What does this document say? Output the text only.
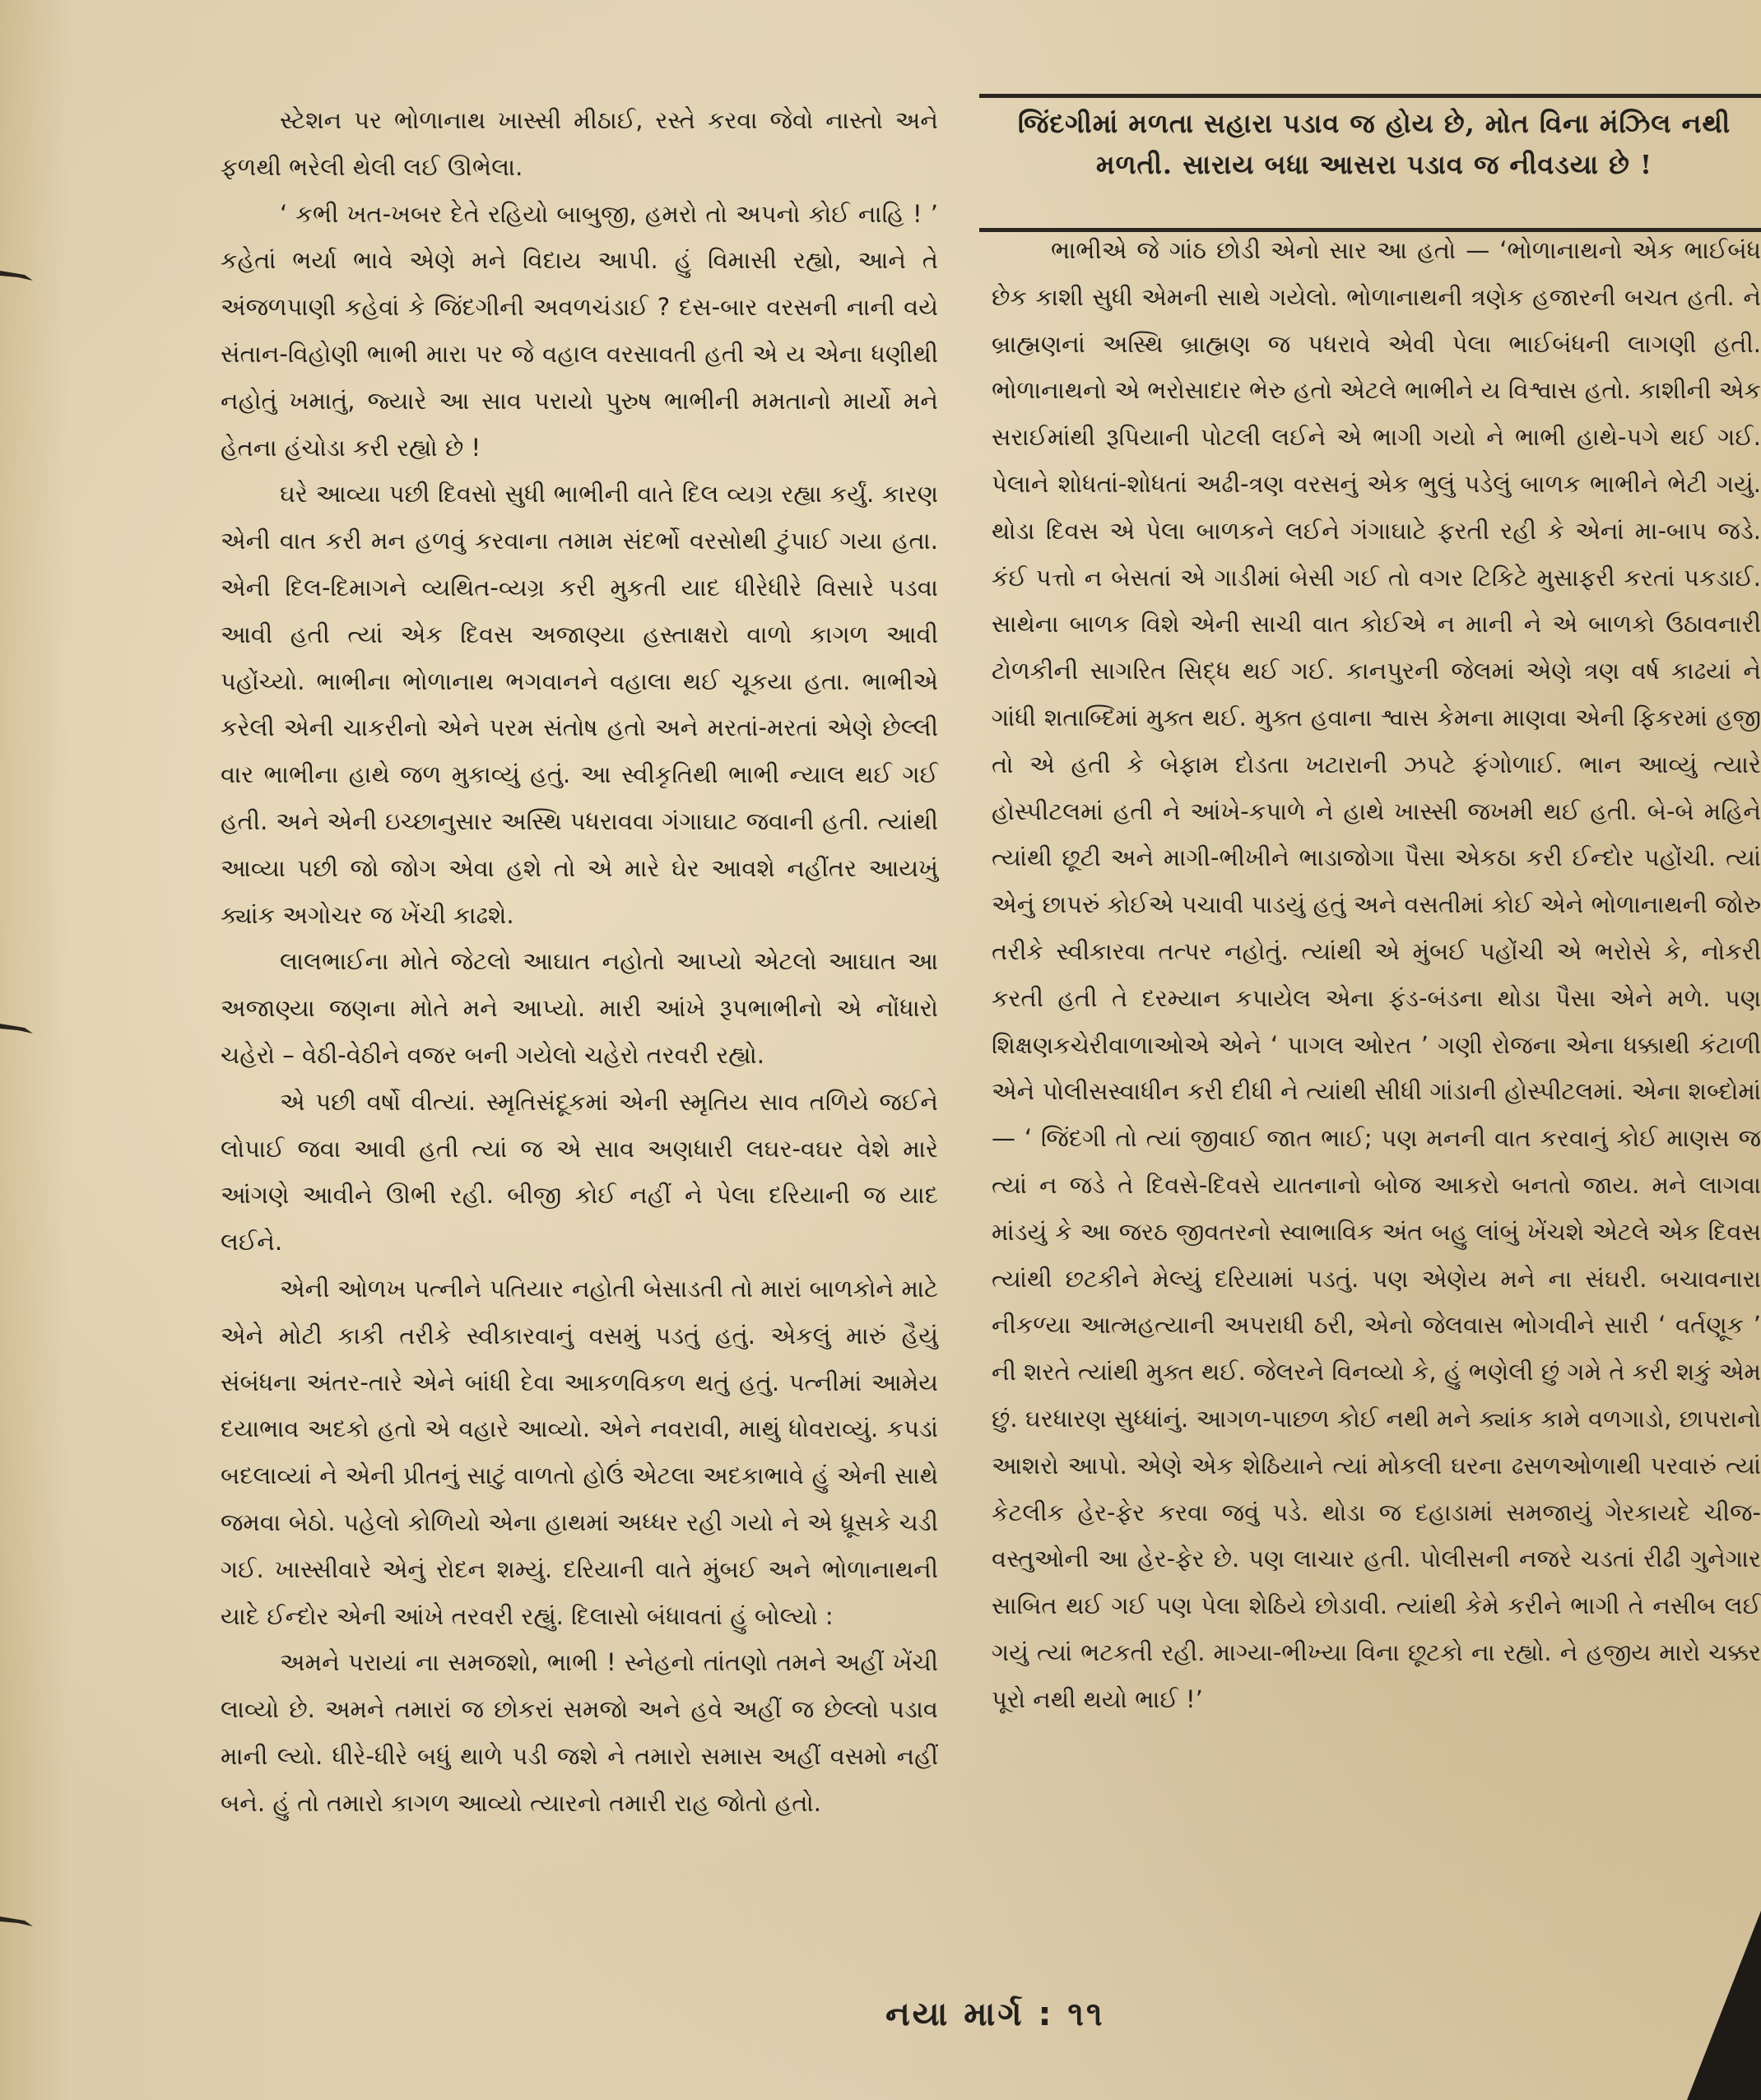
સ્ટેશન પર ભોળાનાથ ખાસ્સી મીઠાઈ, રસ્તે કરવા જેવો નાસ્તો અને ફળથી ભરેલી થેલી લઈ ઊભેલા.

‘ કભી ખત-ખબર દેતે રહિયો બાબુજી, હમરો તો અપનો કોઈ નાહિ ! ’ કહેતાં ભર્યા ભાવે એણે મને વિદાય આપી. હું વિમાસી રહ્યો, આને તે અંજળપાણી કહેવાં કે જિંદગીની અવળચંડાઈ ? દસ-બાર વરસની નાની વયે સંતાન-વિહોણી ભાભી મારા પર જે વહાલ વરસાવતી હતી એ ય એના ધણીથી નહોતું ખમાતું, જ્યારે આ સાવ પરાયો પુરુષ ભાભીની મમતાનો માર્યો મને હેતના હંચોડા કરી રહ્યો છે !

ઘરે આવ્યા પછી દિવસો સુધી ભાભીની વાતે દિલ વ્યગ્ર રહ્યા કર્યું. કારણ એની વાત કરી મન હળવું કરવાના તમામ સંદર્ભો વરસોથી ટુંપાઈ ગયા હતા. એની દિલ-દિમાગને વ્યથિત-વ્યગ્ર કરી મુકતી યાદ ધીરેધીરે વિસારે પડવા આવી હતી ત્યાં એક દિવસ અજાણ્યા હસ્તાક્ષરો વાળો કાગળ આવી પહોંચ્યો. ભાભીના ભોળાનાથ ભગવાનને વહાલા થઈ ચૂકયા હતા. ભાભીએ કરેલી એની ચાકરીનો એને પરમ સંતોષ હતો અને મરતાં-મરતાં એણે છેલ્લી વાર ભાભીના હાથે જળ મુકાવ્યું હતું. આ સ્વીકૃતિથી ભાભી ન્યાલ થઈ ગઈ હતી. અને એની ઇચ્છાનુસાર અસ્થિ પધરાવવા ગંગાઘાટ જવાની હતી. ત્યાંથી આવ્યા પછી જો જોગ એવા હશે તો એ મારે ઘેર આવશે નહીંતર આયખું ક્યાંક અગોચર જ ખેંચી કાઢશે.

લાલભાઈના મોતે જેટલો આઘાત નહોતો આપ્યો એટલો આઘાત આ અજાણ્યા જણના મોતે મને આપ્યો. મારી આંખે રૂપભાભીનો એ નોંધારો ચહેરો – વેઠી-વેઠીને વજર બની ગયેલો ચહેરો તરવરી રહ્યો.

એ પછી વર્ષો વીત્યાં. સ્મૃતિસંદૂકમાં એની સ્મૃતિય સાવ તળિયે જઈને લોપાઈ જવા આવી હતી ત્યાં જ એ સાવ અણધારી લઘર-વઘર વેશે મારે આંગણે આવીને ઊભી રહી. બીજી કોઈ નહીં ને પેલા દરિયાની જ યાદ લઈને.

એની ઓળખ પત્નીને પતિયાર નહોતી બેસાડતી તો મારાં બાળકોને માટે એને મોટી કાકી તરીકે સ્વીકારવાનું વસમું પડતું હતું. એકલું મારું હૈયું સંબંધના અંતર-તારે એને બાંધી દેવા આકળવિકળ થતું હતું. પત્નીમાં આમેય દયાભાવ અદકો હતો એ વહારે આવ્યો. એને નવરાવી, માથું ધોવરાવ્યું. કપડાં બદલાવ્યાં ને એની પ્રીતનું સાટું વાળતો હોઉં એટલા અદકાભાવે હું એની સાથે જમવા બેઠો. પહેલો કોળિયો એના હાથમાં અધ્ધર રહી ગયો ને એ ધ્રૂસકે ચડી ગઈ. ખાસ્સીવારે એનું રોદન શમ્યું. દરિયાની વાતે મુંબઈ અને ભોળાનાથની યાદે ઈન્દોર એની આંખે તરવરી રહ્યું. દિલાસો બંધાવતાં હું બોલ્યો :

અમને પરાયાં ના સમજશો, ભાભી ! સ્નેહનો તાંતણો તમને અહીં ખેંચી લાવ્યો છે. અમને તમારાં જ છોકરાં સમજો અને હવે અહીં જ છેલ્લો પડાવ માની લ્યો. ધીરે-ધીરે બધું થાળે પડી જશે ને તમારો સમાસ અહીં વસમો નહીં બને. હું તો તમારો કાગળ આવ્યો ત્યારનો તમારી રાહ જોતો હતો.

જિંદગીમાં મળતા સહારા પડાવ જ હોય છે, મોત વિના મંઝિલ નથી મળતી. સારાય બધા આસરા પડાવ જ નીવડયા છે !

ભાભીએ જે ગાંઠ છોડી એનો સાર આ હતો — ‘ભોળાનાથનો એક ભાઈબંધ છેક કાશી સુધી એમની સાથે ગયેલો. ભોળાનાથની ત્રણેક હજારની બચત હતી. ને બ્રાહ્મણનાં અસ્થિ બ્રાહ્મણ જ પધરાવે એવી પેલા ભાઈબંધની લાગણી હતી. ભોળાનાથનો એ ભરોસાદાર ભેરુ હતો એટલે ભાભીને ય વિશ્વાસ હતો. કાશીની એક સરાઈમાંથી રૂપિયાની પોટલી લઈને એ ભાગી ગયો ને ભાભી હાથે-પગે થઈ ગઈ. પેલાને શોધતાં-શોધતાં અઢી-ત્રણ વરસનું એક ભુલું પડેલું બાળક ભાભીને ભેટી ગયું. થોડા દિવસ એ પેલા બાળકને લઈને ગંગાઘાટે ફરતી રહી કે એનાં મા-બાપ જડે. કંઈ પત્તો ન બેસતાં એ ગાડીમાં બેસી ગઈ તો વગર ટિકિટે મુસાફરી કરતાં પકડાઈ. સાથેના બાળક વિશે એની સાચી વાત કોઈએ ન માની ને એ બાળકો ઉઠાવનારી ટોળકીની સાગરિત સિદ્ધ થઈ ગઈ. કાનપુરની જેલમાં એણે ત્રણ વર્ષ કાઢયાં ને ગાંધી શતાબ્દિમાં મુક્ત થઈ. મુક્ત હવાના શ્વાસ કેમના માણવા એની ફિકરમાં હજી તો એ હતી કે બેફામ દોડતા ખટારાની ઝપટે ફંગોળાઈ. ભાન આવ્યું ત્યારે હોસ્પીટલમાં હતી ને આંખે-કપાળે ને હાથે ખાસ્સી જખમી થઈ હતી. બે-બે મહિને ત્યાંથી છૂટી અને માગી-ભીખીને ભાડાજોગા પૈસા એકઠા કરી ઈન્દોર પહોંચી. ત્યાં એનું છાપરું કોઈએ પચાવી પાડયું હતું અને વસતીમાં કોઈ એને ભોળાનાથની જોરુ તરીકે સ્વીકારવા તત્પર નહોતું. ત્યાંથી એ મુંબઈ પહોંચી એ ભરોસે કે, નોકરી કરતી હતી તે દરમ્યાન કપાયેલ એના ફંડ-બંડના થોડા પૈસા એને મળે. પણ શિક્ષણકચેરીવાળાઓએ એને ‘ પાગલ ઓરત ’ ગણી રોજના એના ધક્કાથી કંટાળી એને પોલીસસ્વાધીન કરી દીધી ને ત્યાંથી સીધી ગાંડાની હોસ્પીટલમાં. એના શબ્દોમાં — ‘ જિંદગી તો ત્યાં જીવાઈ જાત ભાઈ; પણ મનની વાત કરવાનું કોઈ માણસ જ ત્યાં ન જડે તે દિવસે-દિવસે યાતનાનો બોજ આકરો બનતો જાય. મને લાગવા માંડયું કે આ જરઠ જીવતરનો સ્વાભાવિક અંત બહુ લાંબું ખેંચશે એટલે એક દિવસ ત્યાંથી છટકીને મેલ્યું દરિયામાં પડતું. પણ એણેય મને ના સંઘરી. બચાવનારા નીકળ્યા આત્મહત્યાની અપરાધી ઠરી, એનો જેલવાસ ભોગવીને સારી ‘ વર્તણૂક ’ ની શરતે ત્યાંથી મુક્ત થઈ. જેલરને વિનવ્યો કે, હું ભણેલી છું ગમે તે કરી શકું એમ છું. ઘરધારણ સુધ્ધાંનું. આગળ-પાછળ કોઈ નથી મને ક્યાંક કામે વળગાડો, છાપરાનો આશરો આપો. એણે એક શેઠિયાને ત્યાં મોકલી ઘરના ઢસળઓળાથી પરવારું ત્યાં કેટલીક હેર-ફેર કરવા જવું પડે. થોડા જ દહાડામાં સમજાયું ગેરકાયદે ચીજ-વસ્તુઓની આ હેર-ફેર છે. પણ લાચાર હતી. પોલીસની નજરે ચડતાં રીઢી ગુનેગાર સાબિત થઈ ગઈ પણ પેલા શેઠિયે છોડાવી. ત્યાંથી કેમે કરીને ભાગી તે નસીબ લઈ ગયું ત્યાં ભટકતી રહી. માગ્યા-ભીખ્યા વિના છૂટકો ના રહ્યો. ને હજીય મારો ચક્કર પૂરો નથી થયો ભાઈ !’

નયા માર્ગ : ૧૧
